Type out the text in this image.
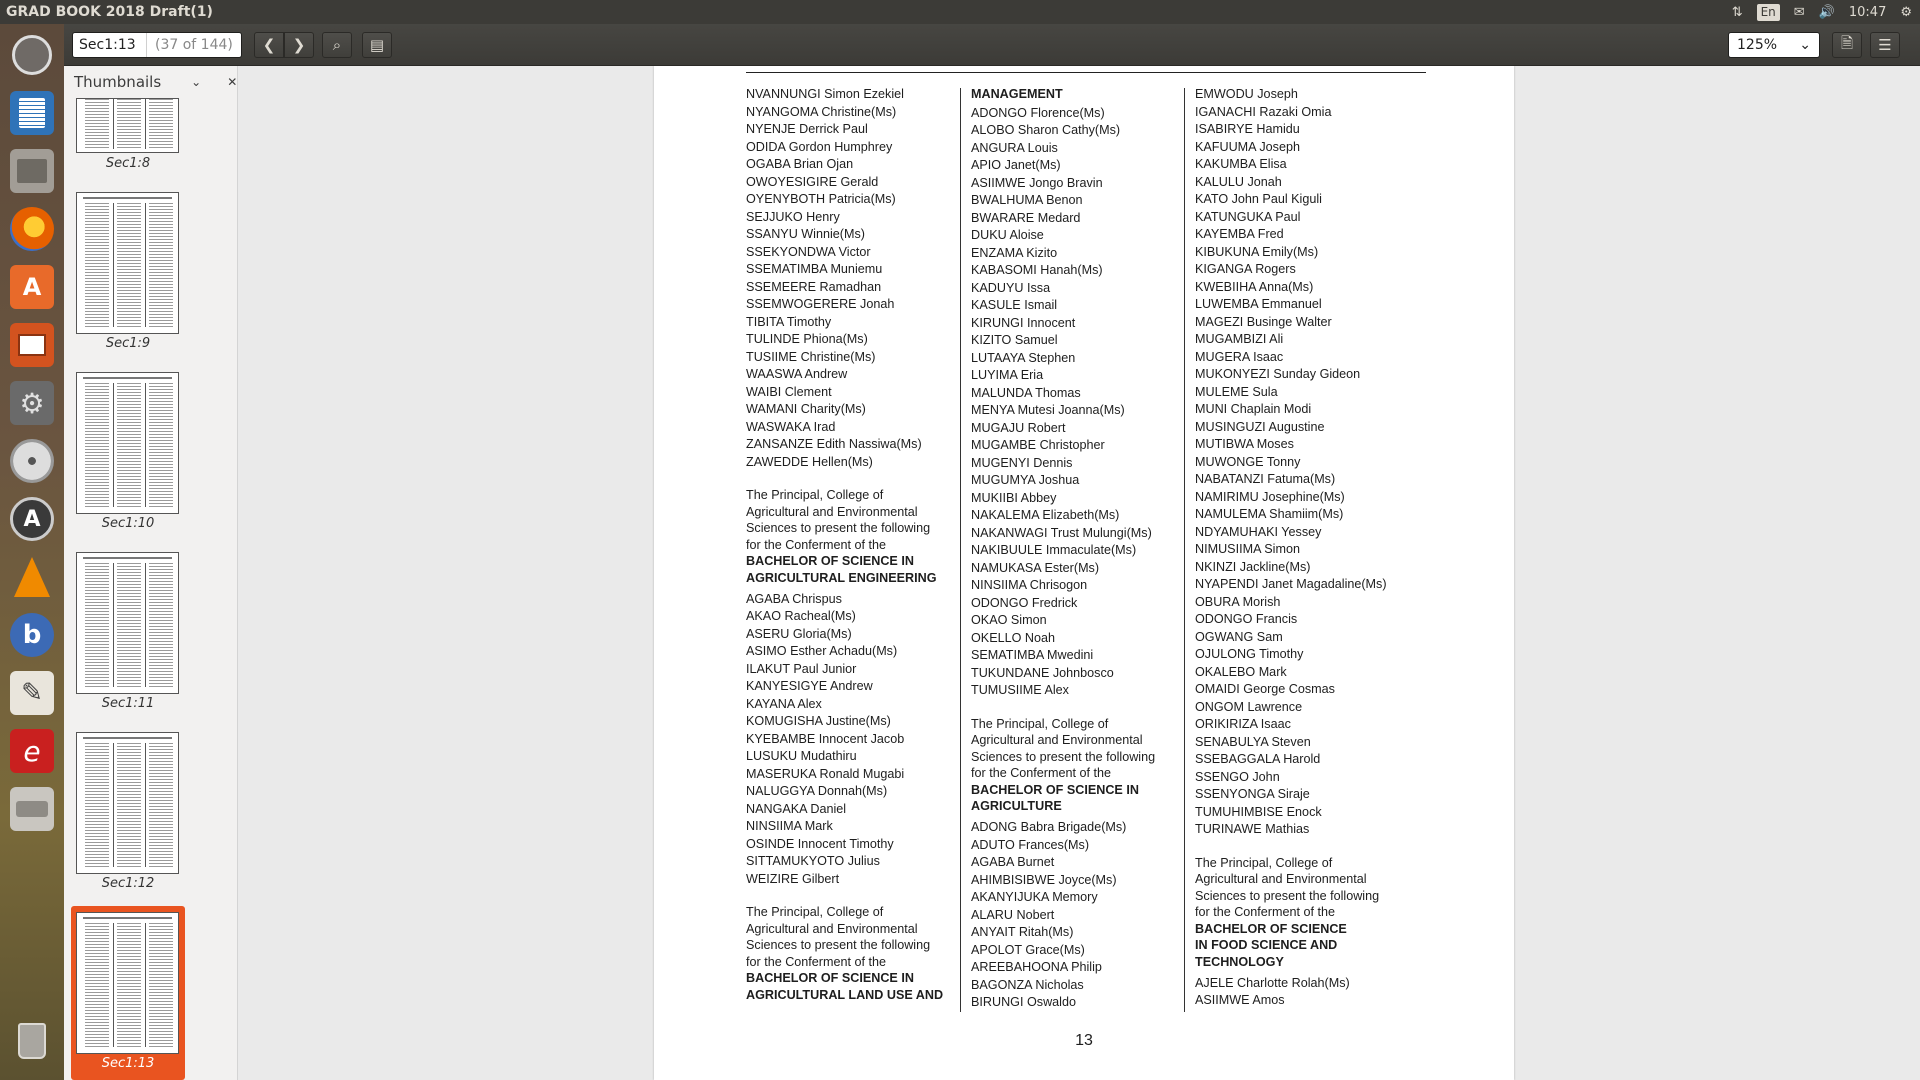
GRAD BOOK 2018 Draft(1)	⇅	En	✉ 🔊 10:47 ⚙
A
⚙
A
b
✎
e
Sec1:13	(37 of 144) ❮ ❯ ⌕ ▤	125% ⌄ 🗎 ☰
Thumbnails	⌄ ✕
Sec1:8
Sec1:9
Sec1:10
Sec1:11
Sec1:12
Sec1:13
NVANNUNGI Simon Ezekiel
NYANGOMA Christine(Ms)
NYENJE Derrick Paul
ODIDA Gordon Humphrey
OGABA Brian Ojan
OWOYESIGIRE Gerald
OYENYBOTH Patricia(Ms)
SEJJUKO Henry
SSANYU Winnie(Ms)
SSEKYONDWA Victor
SSEMATIMBA Muniemu
SSEMEERE Ramadhan
SSEMWOGERERE Jonah
TIBITA Timothy
TULINDE Phiona(Ms)
TUSIIME Christine(Ms)
WAASWA Andrew
WAIBI Clement
WAMANI Charity(Ms)
WASWAKA Irad
ZANSANZE Edith Nassiwa(Ms)
ZAWEDDE Hellen(Ms)
The Principal, College of
Agricultural and Environmental
Sciences to present the following
for the Conferment of the
BACHELOR OF SCIENCE IN
AGRICULTURAL ENGINEERING
AGABA Chrispus
AKAO Racheal(Ms)
ASERU Gloria(Ms)
ASIMO Esther Achadu(Ms)
ILAKUT Paul Junior
KANYESIGYE Andrew
KAYANA Alex
KOMUGISHA Justine(Ms)
KYEBAMBE Innocent Jacob
LUSUKU Mudathiru
MASERUKA Ronald Mugabi
NALUGGYA Donnah(Ms)
NANGAKA Daniel
NINSIIMA Mark
OSINDE Innocent Timothy
SITTAMUKYOTO Julius
WEIZIRE Gilbert
The Principal, College of
Agricultural and Environmental
Sciences to present the following
for the Conferment of the
BACHELOR OF SCIENCE IN
AGRICULTURAL LAND USE AND
MANAGEMENT
ADONGO Florence(Ms)
ALOBO Sharon Cathy(Ms)
ANGURA Louis
APIO Janet(Ms)
ASIIMWE Jongo Bravin
BWALHUMA Benon
BWARARE Medard
DUKU Aloise
ENZAMA Kizito
KABASOMI Hanah(Ms)
KADUYU Issa
KASULE Ismail
KIRUNGI Innocent
KIZITO Samuel
LUTAAYA Stephen
LUYIMA Eria
MALUNDA Thomas
MENYA Mutesi Joanna(Ms)
MUGAJU Robert
MUGAMBE Christopher
MUGENYI Dennis
MUGUMYA Joshua
MUKIIBI Abbey
NAKALEMA Elizabeth(Ms)
NAKANWAGI Trust Mulungi(Ms)
NAKIBUULE Immaculate(Ms)
NAMUKASA Ester(Ms)
NINSIIMA Chrisogon
ODONGO Fredrick
OKAO Simon
OKELLO Noah
SEMATIMBA Mwedini
TUKUNDANE Johnbosco
TUMUSIIME Alex
The Principal, College of
Agricultural and Environmental
Sciences to present the following
for the Conferment of the
BACHELOR OF SCIENCE IN
AGRICULTURE
ADONG Babra Brigade(Ms)
ADUTO Frances(Ms)
AGABA Burnet
AHIMBISIBWE Joyce(Ms)
AKANYIJUKA Memory
ALARU Nobert
ANYAIT Ritah(Ms)
APOLOT Grace(Ms)
AREEBAHOONA Philip
BAGONZA Nicholas
BIRUNGI Oswaldo
EMWODU Joseph
IGANACHI Razaki Omia
ISABIRYE Hamidu
KAFUUMA Joseph
KAKUMBA Elisa
KALULU Jonah
KATO John Paul Kiguli
KATUNGUKA Paul
KAYEMBA Fred
KIBUKUNA Emily(Ms)
KIGANGA Rogers
KWEBIIHA Anna(Ms)
LUWEMBA Emmanuel
MAGEZI Businge Walter
MUGAMBIZI Ali
MUGERA Isaac
MUKONYEZI Sunday Gideon
MULEME Sula
MUNI Chaplain Modi
MUSINGUZI Augustine
MUTIBWA Moses
MUWONGE Tonny
NABATANZI Fatuma(Ms)
NAMIRIMU Josephine(Ms)
NAMULEMA Shamiim(Ms)
NDYAMUHAKI Yessey
NIMUSIIMA Simon
NKINZI Jackline(Ms)
NYAPENDI Janet Magadaline(Ms)
OBURA Morish
ODONGO Francis
OGWANG Sam
OJULONG Timothy
OKALEBO Mark
OMAIDI George Cosmas
ONGOM Lawrence
ORIKIRIZA Isaac
SENABULYA Steven
SSEBAGGALA Harold
SSENGO John
SSENYONGA Siraje
TUMUHIMBISE Enock
TURINAWE Mathias
The Principal, College of
Agricultural and Environmental
Sciences to present the following
for the Conferment of the
BACHELOR OF SCIENCE
IN FOOD SCIENCE AND
TECHNOLOGY
AJELE Charlotte Rolah(Ms)
ASIIMWE Amos
13
